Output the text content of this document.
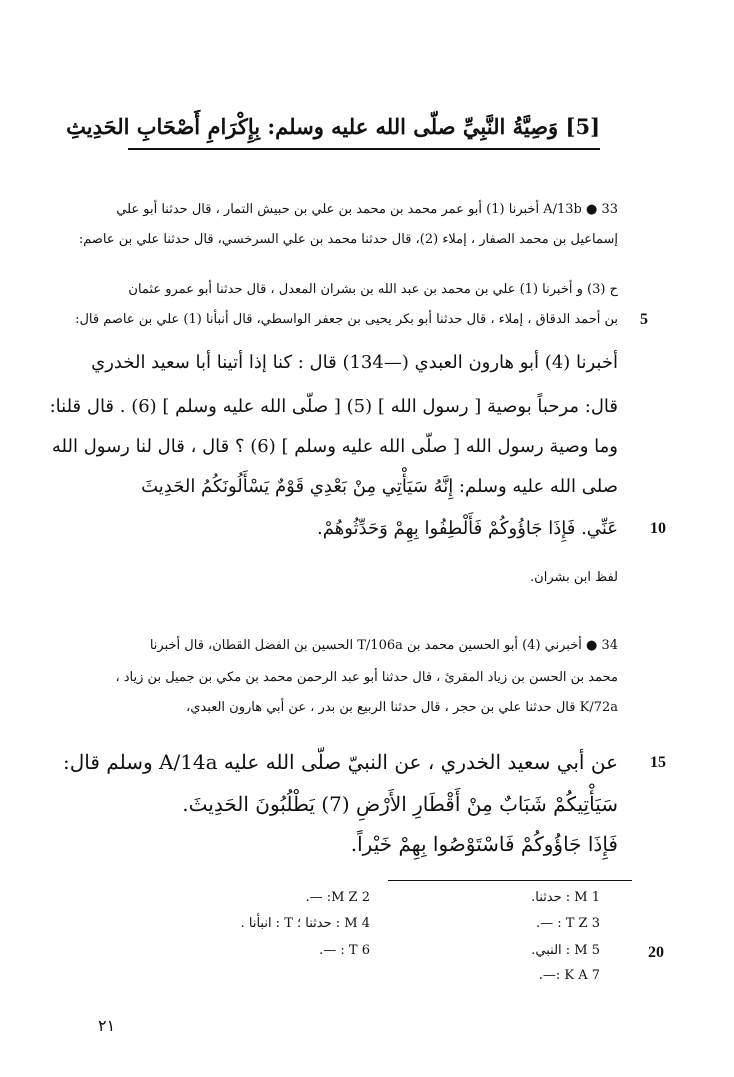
[5] وَصِيَّةُ النَّبِيِّ صلّى الله عليه وسلم: بِإِكْرَامِ أَصْحَابِ الحَدِيثِ
33 ● A/13b أخبرنا (1) أبو عمر محمد بن محمد بن علي بن حبيش التمار ، قال حدثنا أبو علي
إسماعيل بن محمد الصفار ، إملاء (2)، قال حدثنا محمد بن علي السرخسي، قال حدثنا علي بن عاصم:
ح (3) و أخبرنا (1) علي بن محمد بن عبد الله بن بشران المعدل ، قال حدثنا أبو عمرو عثمان
بن أحمد الدقاق ، إملاء ، قال حدثنا أبو بكر يحيى بن جعفر الواسطي، قال أنبأنا (1) علي بن عاصم قال: 5
أخبرنا (4) أبو هارون العبدي (—134) قال : كنا إذا أتينا أبا سعيد الخدري
قال: مرحباً بوصية [ رسول الله ] (5) [ صلّى الله عليه وسلم ] (6) . قال قلنا:
وما وصية رسول الله [ صلّى الله عليه وسلم ] (6) ؟ قال ، قال لنا رسول الله
صلى الله عليه وسلم: إِنَّهُ سَيَأْتِي مِنْ بَعْدِي قَوْمٌ يَسْأَلُونَكُمُ الحَدِيثَ
عَنِّي. فَإِذَا جَاؤُوكُمْ فَأَلْطِفُوا بِهِمْ وَحَدِّثُوهُمْ. 10
لفظ ابن بشران.
34 ● أخبرني (4) أبو الحسين محمد بن T/106a الحسين بن الفضل القطان، قال أخبرنا
محمد بن الحسن بن زياد المقرئ ، قال حدثنا أبو عبد الرحمن محمد بن مكي بن جميل بن زياد ،
K/72a قال حدثنا علي بن حجر ، قال حدثنا الربيع بن بدر ، عن أبي هارون العبدي،
عن أبي سعيد الخدري ، عن النبيّ صلّى الله عليه A/14a وسلم قال: 15
سَيَأْتِيكُمْ شَبَابٌ مِنْ أَقْطَارِ الأَرْضِ (7) يَطْلُبُونَ الحَدِيثَ.
فَإِذَا جَاؤُوكُمْ فَاسْتَوْصُوا بِهِمْ خَيْراً.
M 1 : حدثنا.
T Z 3 : —.
M 5 : النبي.
K A 7 :—.
20
M Z 2: —.
M 4 : حدثنا ؛ T : انبأنا .
T 6 : —.
٢١
